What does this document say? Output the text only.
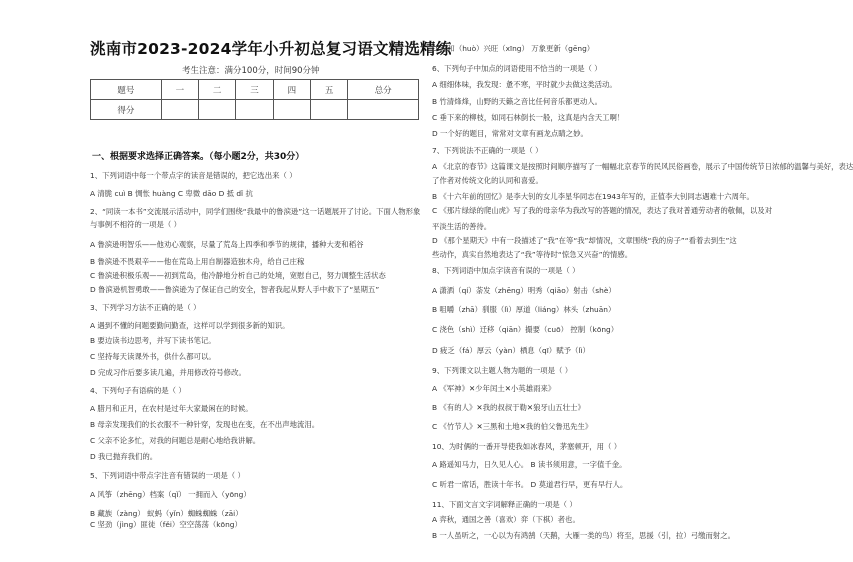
洮南市2023-2024学年小升初总复习语文精选精练
考生注意：满分100分，时间90分钟
题号	一	二	三	四	五	总分
得分						
一、根据要求选择正确答案。（每小题2分，共30分）
1、下列词语中每一个带点字的读音是错误的，把它选出来（ ）
A 清脆 cuì B 惆怅 huàng C 卑微 dāo D 抵 dǐ 抗
2、“同读一本书”交流展示活动中，同学们围绕“我最中的鲁滨逊”这一话题展开了讨论。下面人物形象
与事例不相符的一项是（ ）
A 鲁滨逊明智乐——他劝心观察，尽量了荒岛上四季和季节的规律，播种大麦和稻谷
B 鲁滨逊不畏艰辛——他在荒岛上用自制器造独木舟，给自己庄稼
C 鲁滨逊积极乐观——初到荒岛，他冷静地分析自己的处境，宽慰自己，努力调整生活状态
D 鲁滨逊机智勇敢——鲁滨逊为了保证自己的安全，智者我起从野人手中救下了“星期五”
3、下列学习方法不正确的是（ ）
A 遇到不懂的问题要勤问勤查，这样可以学到很多新的知识。
B 要边读书边思考，并写下读书笔记。
C 坚持每天读课外书，供什么都可以。
D 完成习作后要多读几遍，并用修改符号修改。
4、下列句子有语病的是（ ）
A 腊月和正月，在农村是过年大家最闲在的时候。
B 母亲发现我们的长衣服不一种针穿，发现也在变，在不出声地流泪。
C 父亲不论多忙，对我的问题总是耐心地给我讲解。
D 我已抛弃我们的。
5、下列词语中带点字注音有错误的一项是（ ）
A 风筝（zhēng）档案（qǐ） 一拥而入（yōng）
B 藏族（zàng） 蚁蚂（yǐn）蜘蛛蜘蛛（zāi）
C 坚劲（jìng）匪徒（fěi）空空荡荡（kōng）
D 踩和（huò）兴旺（xīng） 万象更新（gēng）
6、下列句子中加点的词语使用不恰当的一项是（ ）
A 细细体味，我发现：惫不寒，平时就少去做这类活动。
B 竹清烽烽，山野的天籁之音比任何音乐都更动人。
C 垂下来的柳枝，如同石林倒长一般，这真是内含天工啊！
D 一个好的题目，常常对文章有画龙点睛之妙。
7、下列说法不正确的一项是（ ）
A 《北京的春节》这篇课文是按照时间顺序描写了一幅幅北京春节的民风民俗画卷，展示了中国传统节日浓郁的温馨与美好，表达
了作者对传统文化的认同和喜爱。
B 《十六年前的回忆》是李大钊的女儿李星华同志在1943年写的，正值李大钊同志遇难十六周年。
C 《那片绿绿的爬山虎》写了我的母亲华为我改写的答题的情况，表达了我对普通劳动者的敬佩，以及对
平淡生活的善待。
D 《那个星期天》中有一段描述了“我”在等“我”却情况，文章围绕“我的房子”“看着去到生”这
些动作，真实自然地表达了“我”等待时“惊急又兴奋”的情感。
8、下列词语中加点字读音有误的一项是（ ）
A 潇洒（qí）荼发（zhēng）明秀（qiāo）射击（shè）
B 咀嚼（zhā）驯服（lì）厚道（liáng）林头（zhuān）
C 浇色（shì）迁移（qiān）撮要（cuō） 控制（kōng）
D 疲乏（fá）厚云（yàn）栖息（qī）赋予（lì）
9、下列课文以主题人物为题的一项是（ ）
A 《军神》✕少年闰土✕小英雄雨来》
B 《有的人》✕我的叔叔于勒✕狼牙山五壮士》
C 《竹节人》✕三黑和土地✕我的伯父鲁迅先生》
10、为时俩的一番开导使我如冰春风，茅塞顿开，用（ ）
A 路遥知马力，日久见人心。 B 读书须用意，一字值千金。
C 听君一席话，胜读十年书。 D 莫道君行早，更有早行人。
11、下面文言文字词解释正确的一项是（ ）
A 弈秋，通国之善（喜欢）弈（下棋）者也。
B 一人虽听之，一心以为有鸿鹄（天鹅，大雁一类的鸟）将至，思援（引，拉）弓缴而射之。
